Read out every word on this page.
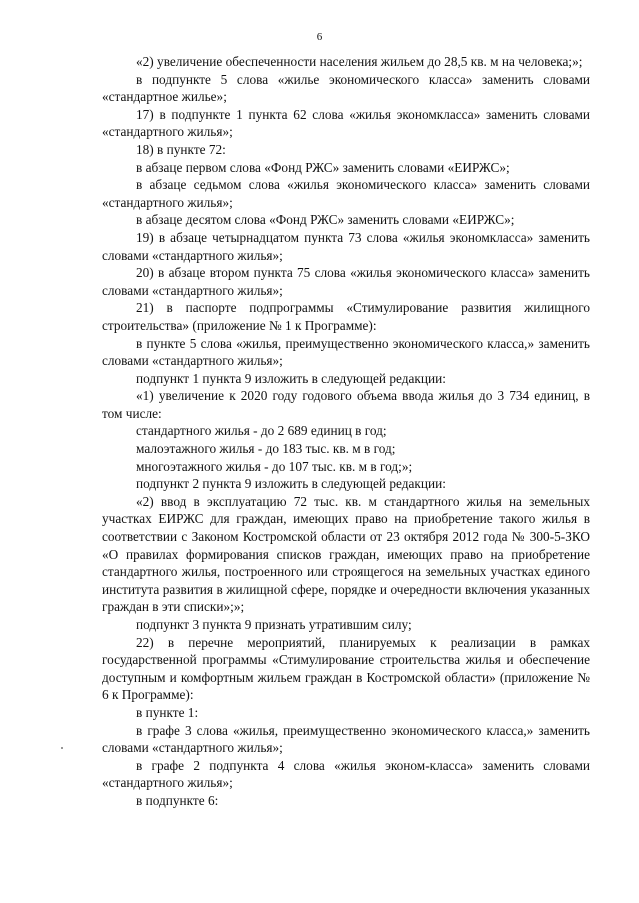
6

«2) увеличение обеспеченности населения жильем до 28,5 кв. м на человека;»;

в подпункте 5 слова «жилье экономического класса» заменить словами «стандартное жилье»;

17) в подпункте 1 пункта 62 слова «жилья экономкласса» заменить словами «стандартного жилья»;

18) в пункте 72:

в абзаце первом слова «Фонд РЖС» заменить словами «ЕИРЖС»;

в абзаце седьмом слова «жилья экономического класса» заменить словами «стандартного жилья»;

в абзаце десятом слова «Фонд РЖС» заменить словами «ЕИРЖС»;

19) в абзаце четырнадцатом пункта 73 слова «жилья экономкласса» заменить словами «стандартного жилья»;

20) в абзаце втором пункта 75 слова «жилья экономического класса» заменить словами «стандартного жилья»;

21) в паспорте подпрограммы «Стимулирование развития жилищного строительства» (приложение № 1 к Программе):

в пункте 5 слова «жилья, преимущественно экономического класса,» заменить словами «стандартного жилья»;

подпункт 1 пункта 9 изложить в следующей редакции:

«1) увеличение к 2020 году годового объема ввода жилья до 3 734 единиц, в том числе:

стандартного жилья - до 2 689 единиц в год;

малоэтажного жилья - до 183 тыс. кв. м в год;

многоэтажного жилья - до 107 тыс. кв. м в год;»;

подпункт 2 пункта 9 изложить в следующей редакции:

«2) ввод в эксплуатацию 72 тыс. кв. м стандартного жилья на земельных участках ЕИРЖС для граждан, имеющих право на приобретение такого жилья в соответствии с Законом Костромской области от 23 октября 2012 года № 300-5-ЗКО «О правилах формирования списков граждан, имеющих право на приобретение стандартного жилья, построенного или строящегося на земельных участках единого института развития в жилищной сфере, порядке и очередности включения указанных граждан в эти списки»;»;

подпункт 3 пункта 9 признать утратившим силу;

22) в перечне мероприятий, планируемых к реализации в рамках государственной программы «Стимулирование строительства жилья и обеспечение доступным и комфортным жильем граждан в Костромской области» (приложение № 6 к Программе):

в пункте 1:

в графе 3 слова «жилья, преимущественно экономического класса,» заменить словами «стандартного жилья»;

в графе 2 подпункта 4 слова «жилья эконом-класса» заменить словами «стандартного жилья»;

в подпункте 6:
